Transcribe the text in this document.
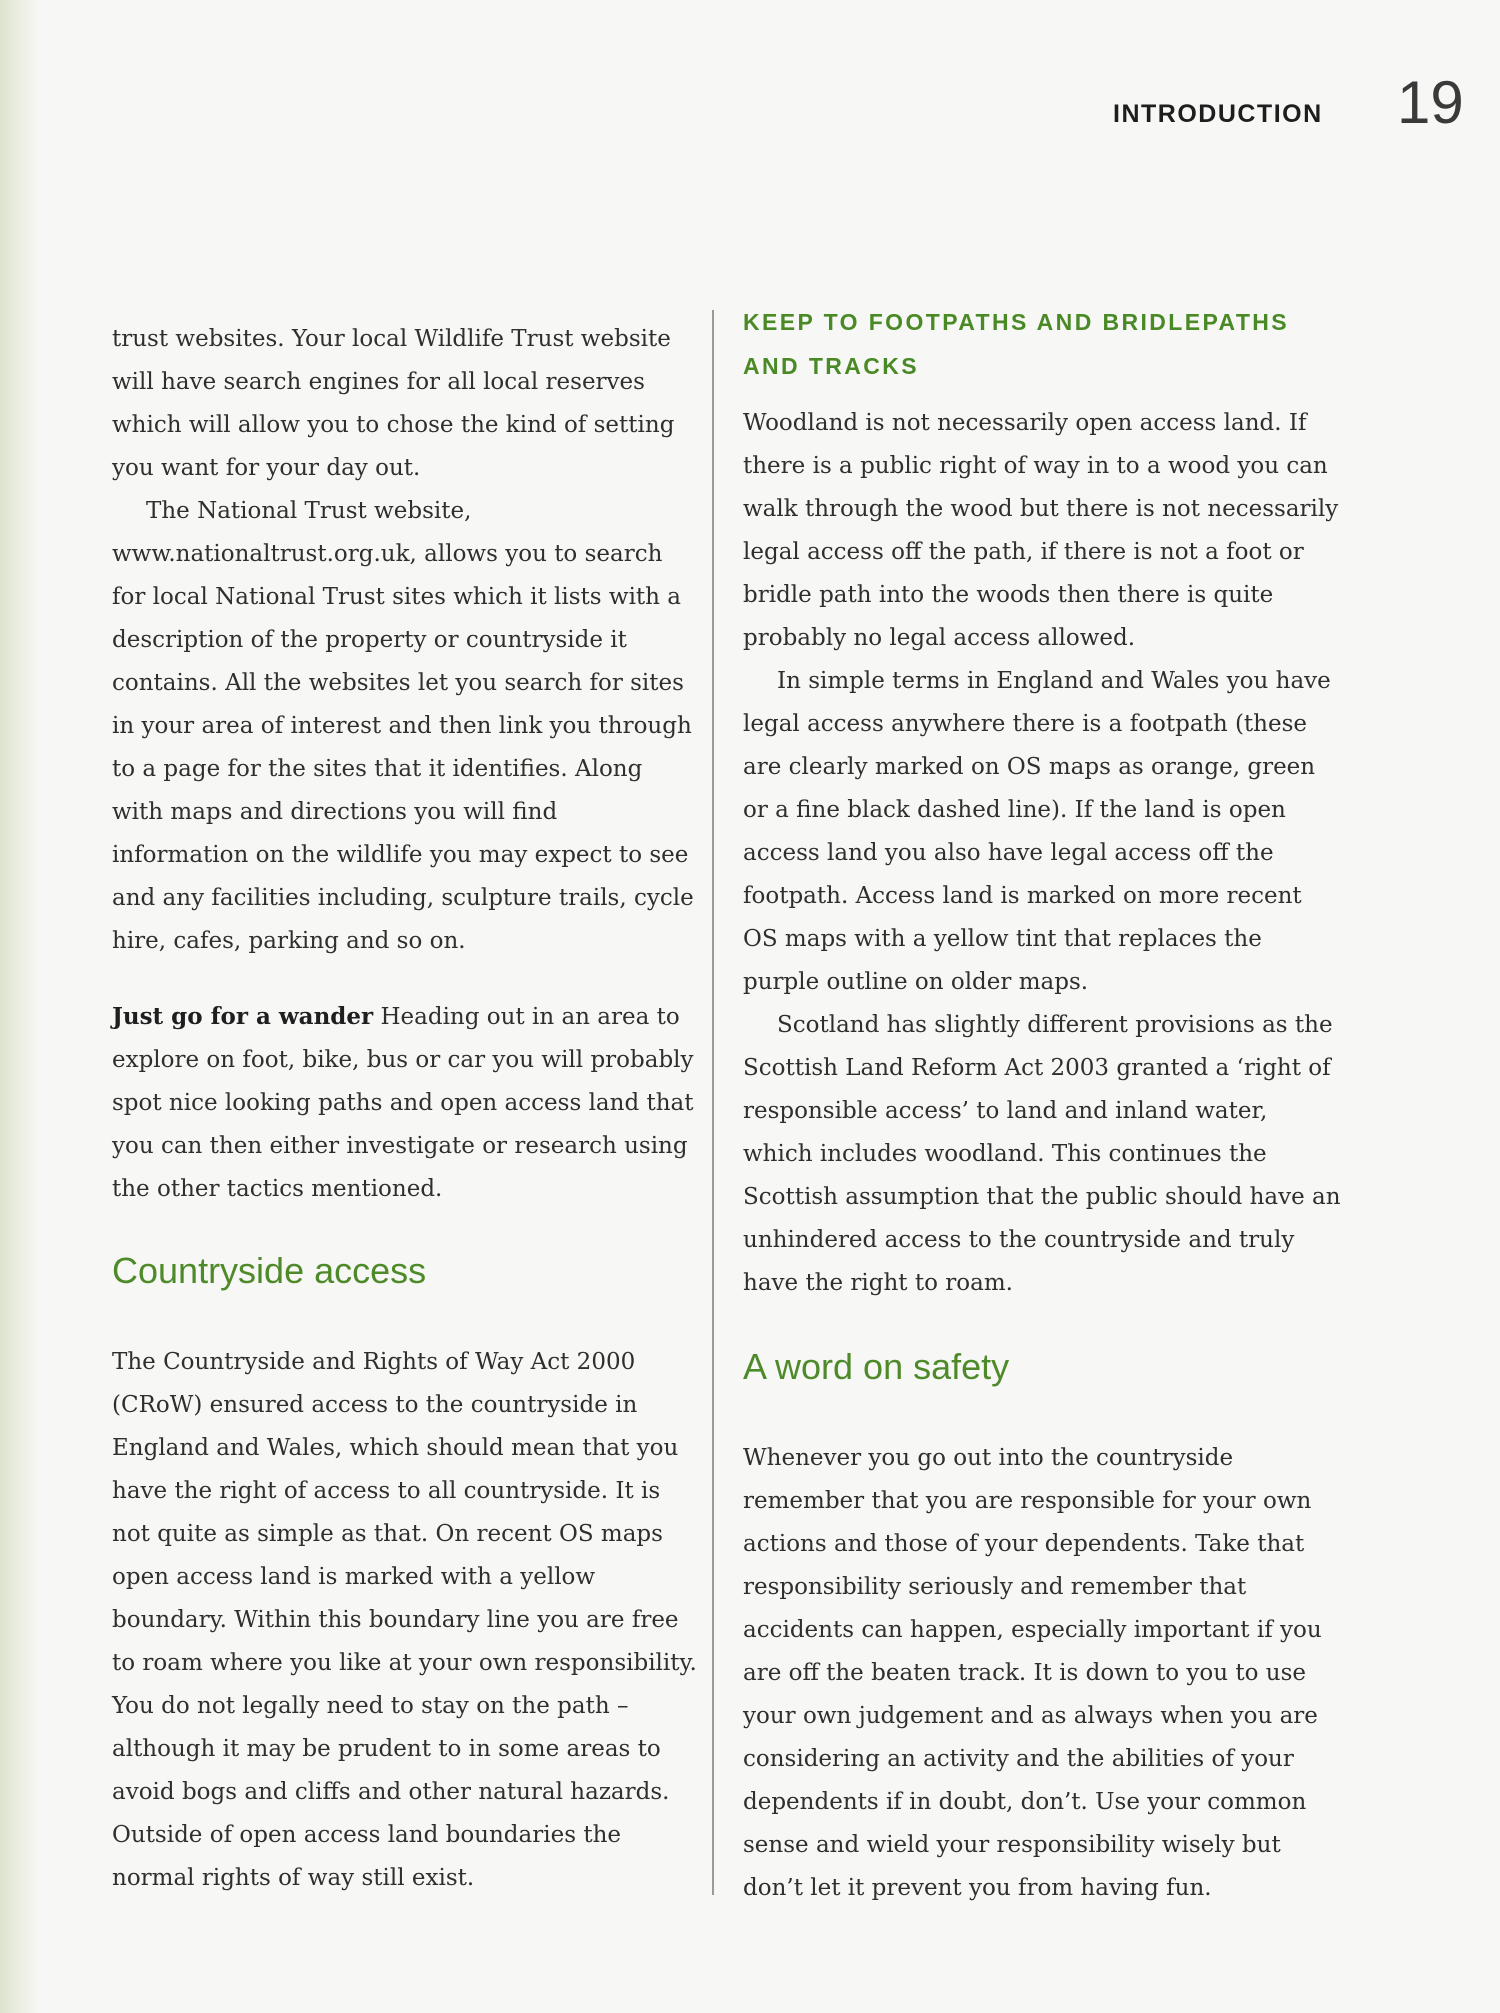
INTRODUCTION 19

trust websites. Your local Wildlife Trust website will have search engines for all local reserves which will allow you to chose the kind of setting you want for your day out.

The National Trust website, www.nationaltrust.org.uk, allows you to search for local National Trust sites which it lists with a description of the property or countryside it contains. All the websites let you search for sites in your area of interest and then link you through to a page for the sites that it identifies. Along with maps and directions you will find information on the wildlife you may expect to see and any facilities including, sculpture trails, cycle hire, cafes, parking and so on.

Just go for a wander Heading out in an area to explore on foot, bike, bus or car you will probably spot nice looking paths and open access land that you can then either investigate or research using the other tactics mentioned.

Countryside access

The Countryside and Rights of Way Act 2000 (CRoW) ensured access to the countryside in England and Wales, which should mean that you have the right of access to all countryside. It is not quite as simple as that. On recent OS maps open access land is marked with a yellow boundary. Within this boundary line you are free to roam where you like at your own responsibility. You do not legally need to stay on the path – although it may be prudent to in some areas to avoid bogs and cliffs and other natural hazards. Outside of open access land boundaries the normal rights of way still exist.

KEEP TO FOOTPATHS AND BRIDLEPATHS AND TRACKS

Woodland is not necessarily open access land. If there is a public right of way in to a wood you can walk through the wood but there is not necessarily legal access off the path, if there is not a foot or bridle path into the woods then there is quite probably no legal access allowed.

In simple terms in England and Wales you have legal access anywhere there is a footpath (these are clearly marked on OS maps as orange, green or a fine black dashed line). If the land is open access land you also have legal access off the footpath. Access land is marked on more recent OS maps with a yellow tint that replaces the purple outline on older maps.

Scotland has slightly different provisions as the Scottish Land Reform Act 2003 granted a ‘right of responsible access’ to land and inland water, which includes woodland. This continues the Scottish assumption that the public should have an unhindered access to the countryside and truly have the right to roam.

A word on safety

Whenever you go out into the countryside remember that you are responsible for your own actions and those of your dependents. Take that responsibility seriously and remember that accidents can happen, especially important if you are off the beaten track. It is down to you to use your own judgement and as always when you are considering an activity and the abilities of your dependents if in doubt, don’t. Use your common sense and wield your responsibility wisely but don’t let it prevent you from having fun.
